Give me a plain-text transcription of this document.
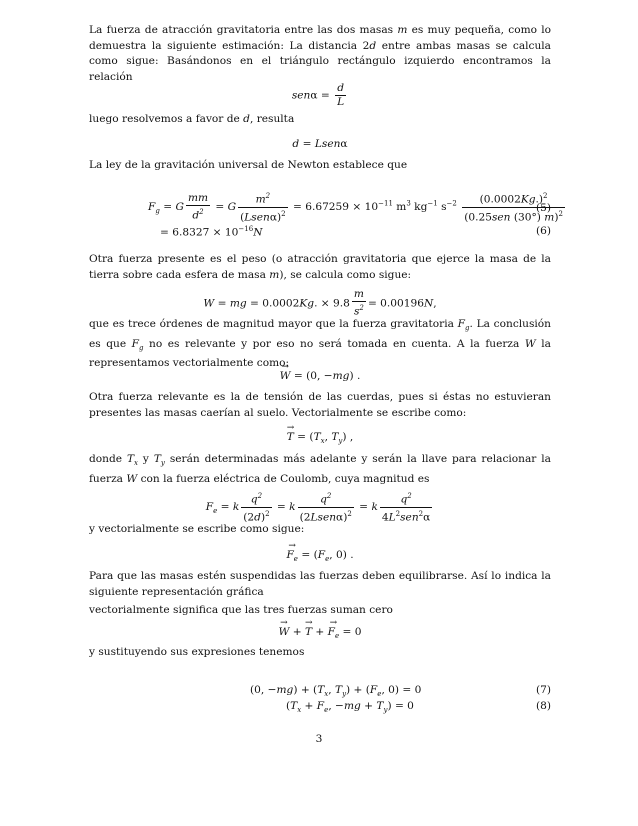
La fuerza de atracción gravitatoria entre las dos masas m es muy pequeña, como lo demuestra la siguiente estimación: La distancia 2d entre ambas masas se calcula como sigue: Basándonos en el triángulo rectángulo izquierdo encontramos la relación

$sen\alpha = \frac{d}{L}$

luego resolvemos a favor de d, resulta

d = Lsenα

La ley de la gravitación universal de Newton establece que

$F_g = G \frac{mm}{d^2} = G \frac{m^2}{(Lsen\alpha)^2} = 6.67259 \times 10^{-11}$ $m^3$ $kg^{-1}$ $s^{-2} \frac{(0.0002Kg.)^2}{(0.25sen (30^\circ) m)^2}$
(5)
= $6.8327 \times 10^{-16}N$	(6)

Otra fuerza presente es el peso (o atracción gravitatoria que ejerce la masa de la tierra sobre cada esfera de masa m), se calcula como sigue:

W = mg = 0.0002Kg. × $9.8 \frac{m}{s^2} = 0.00196N$,

que es trece órdenes de magnitud mayor que la fuerza gravitatoria $F_g$. La conclusión es que $F_g$ no es relevante y por eso no será tomada en cuenta. A la fuerza W la representamos vectorialmente como:

→ W = (0, −mg) .

Otra fuerza relevante es la de tensión de las cuerdas, pues si éstas no estuvieran presentes las masas caerían al suelo. Vectorialmente se escribe como:

→ $T = (T_x$, $T_y$) ,

donde $T_x$ y $T_y$ serán determinadas más adelante y serán la llave para relacionar la fuerza W con la fuerza eléctrica de Coulomb, cuya magnitud es

$F_e = k \frac{q^2}{(2d)^2} = k \frac{q^2}{(2Lsen\alpha)^2} = k \frac{q^2}{4L^2sen^2\alpha}$

y vectorialmente se escribe como sigue:

→ $F_e = (F_e$, 0) .

Para que las masas estén suspendidas las fuerzas deben equilibrarse. Así lo indica la siguiente representación gráfica

vectorialmente significa que las tres fuerzas suman cero

→ W + → T + → $F_e = 0$

y sustituyendo sus expresiones tenemos

(0, $-mg) + (T_x$, $T_y) + (F_e$, 0) = 0	(7)
($T_x + F_e$, $-mg + T_y) = 0$	(8)
3
